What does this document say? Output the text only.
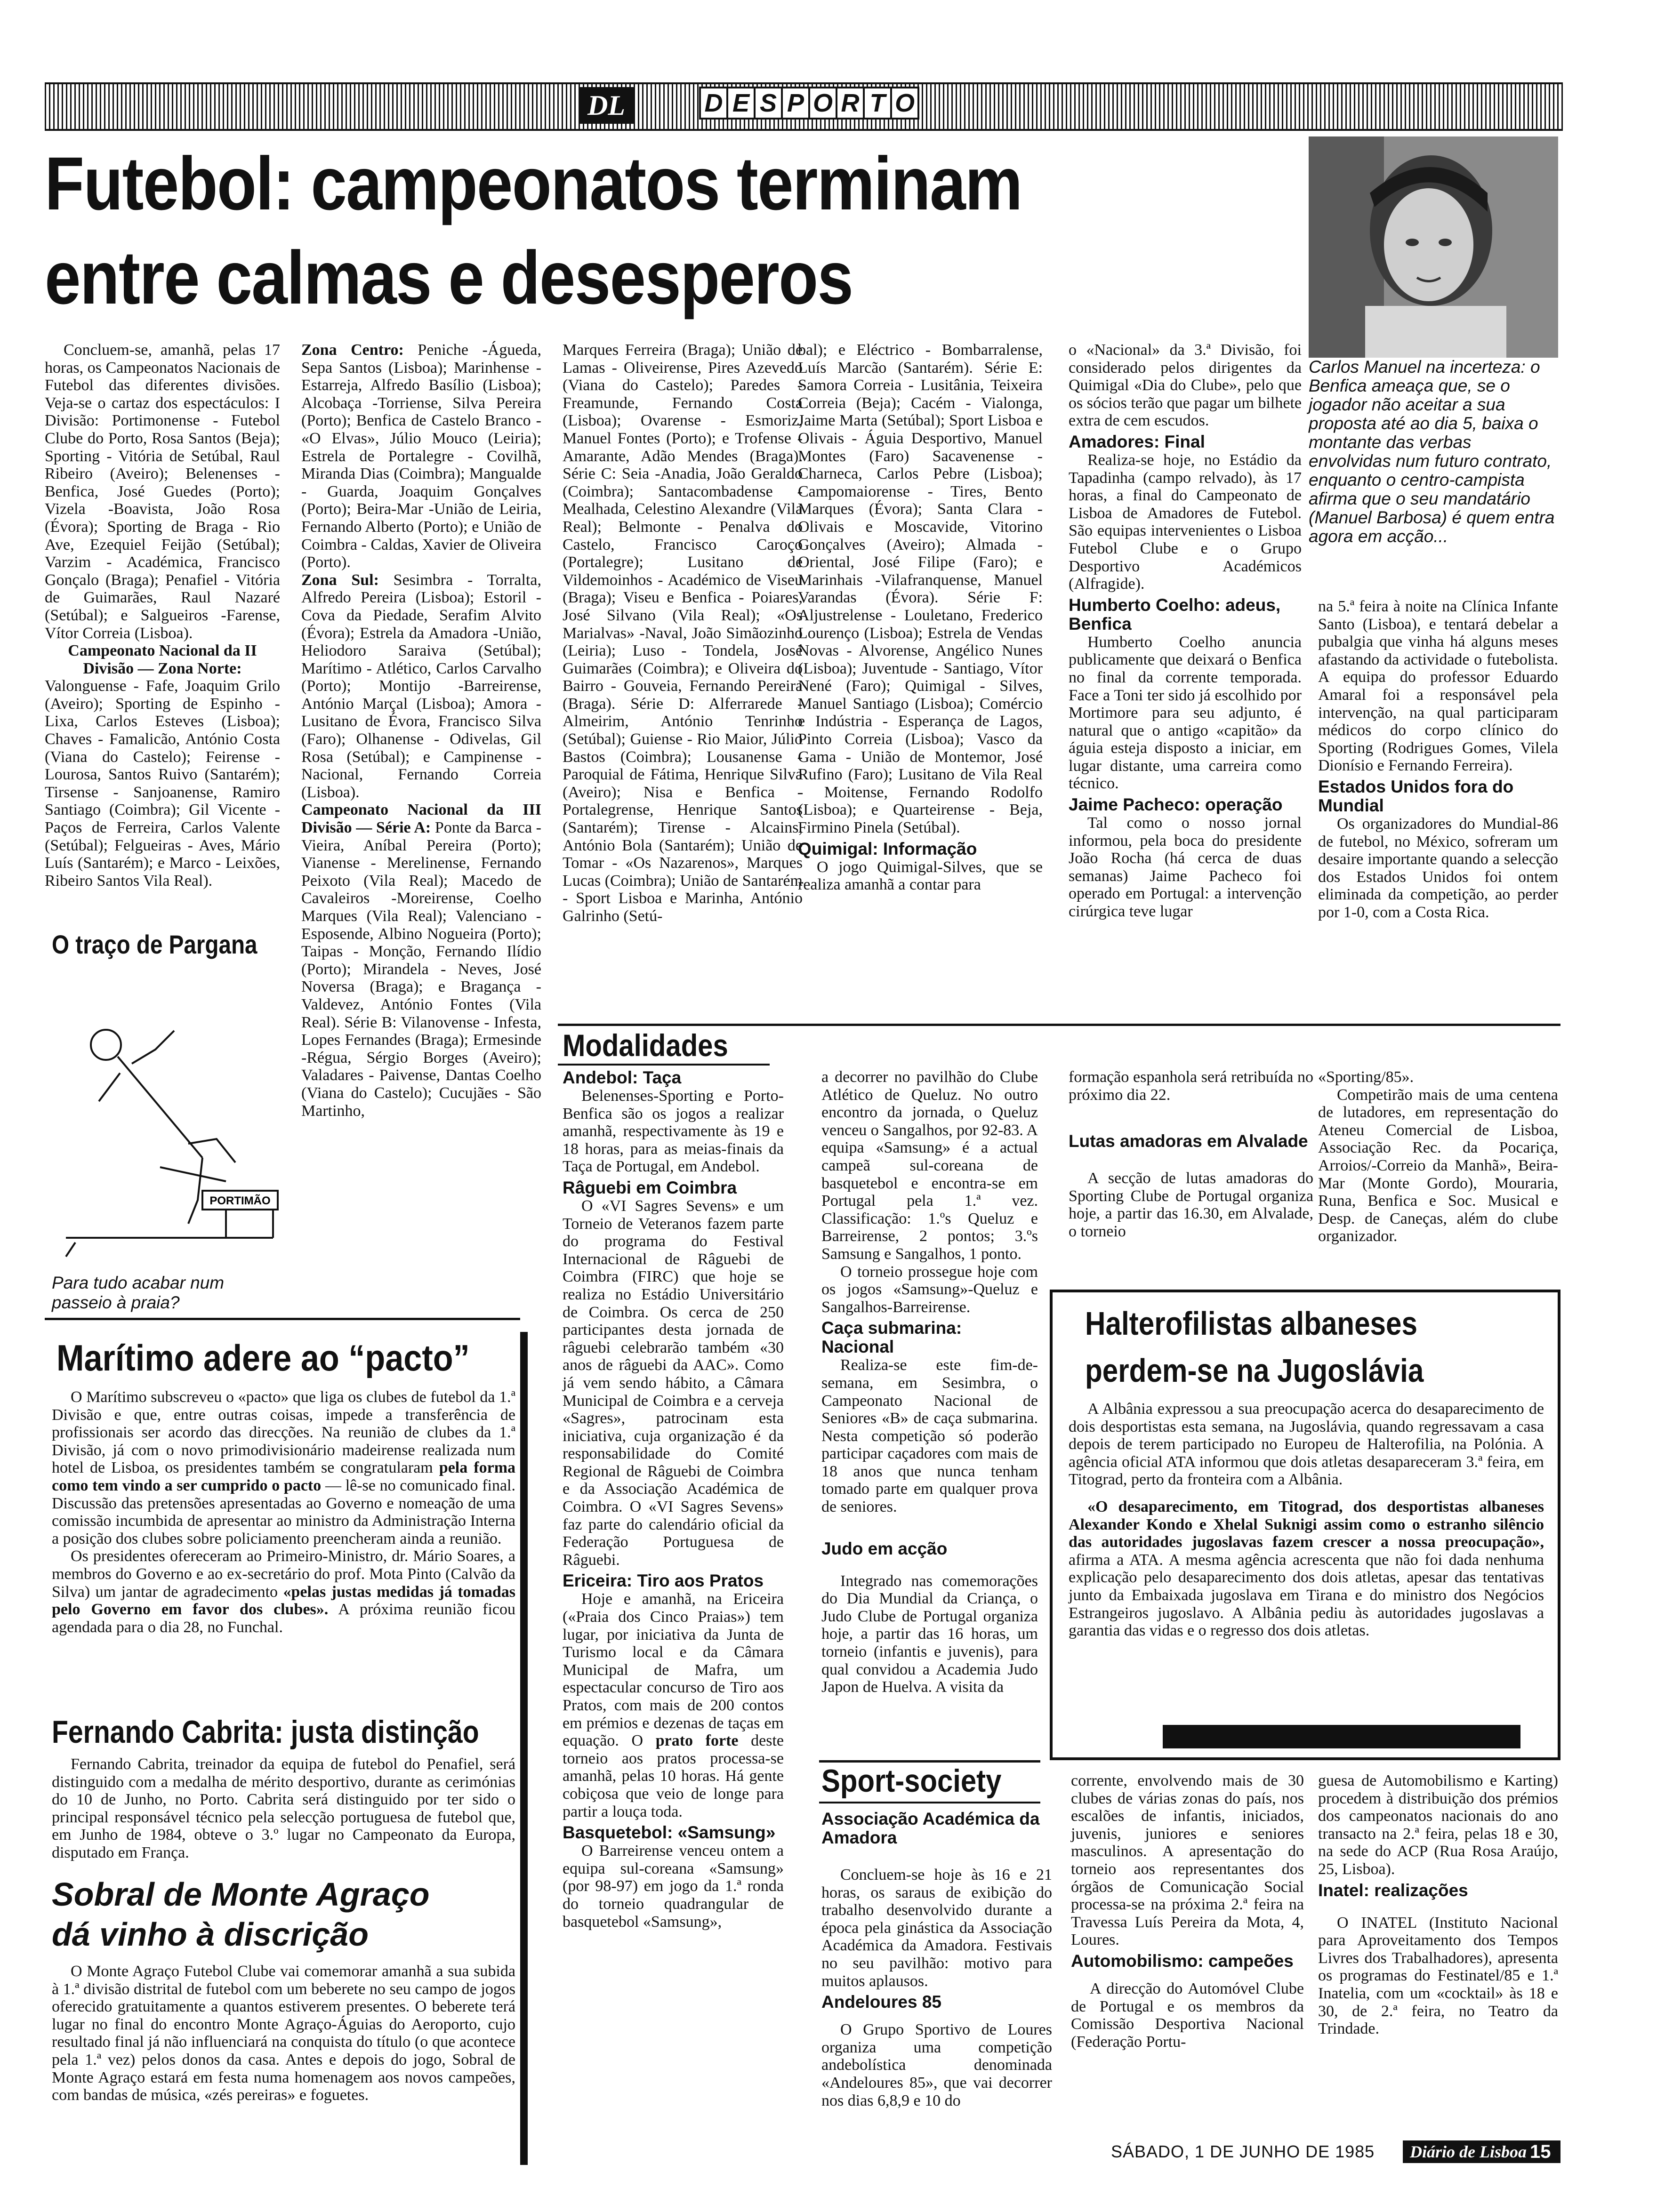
DL	D E S P O R T O
Futebol: campeonatos terminam
entre calmas e desesperos
Carlos Manuel na incerteza: o Benfica ameaça que, se o jogador não aceitar a sua proposta até ao dia 5, baixa o montante das verbas envolvidas num futuro contrato, enquanto o centro-campista afirma que o seu mandatário (Manuel Barbosa) é quem entra agora em acção...

Concluem-se, amanhã, pelas 17 horas, os Campeonatos Nacionais de Futebol das diferentes divisões. Veja-se o cartaz dos espectáculos: I Divisão: Portimonense - Futebol Clube do Porto, Rosa Santos (Beja); Sporting - Vitória de Setúbal, Raul Ribeiro (Aveiro); Belenenses - Benfica, José Guedes (Porto); Vizela -Boavista, João Rosa (Évora); Sporting de Braga - Rio Ave, Ezequiel Feijão (Setúbal); Varzim - Académica, Francisco Gonçalo (Braga); Penafiel - Vitória de Guimarães, Raul Nazaré (Setúbal); e Salgueiros -Farense, Vítor Correia (Lisboa).

Campeonato Nacional da II Divisão — Zona Norte:

Valonguense - Fafe, Joaquim Grilo (Aveiro); Sporting de Espinho -Lixa, Carlos Esteves (Lisboa); Chaves - Famalicão, António Costa (Viana do Castelo); Feirense - Lourosa, Santos Ruivo (Santarém); Tirsense - Sanjoanense, Ramiro Santiago (Coimbra); Gil Vicente - Paços de Ferreira, Carlos Valente (Setúbal); Felgueiras - Aves, Mário Luís (Santarém); e Marco - Leixões, Ribeiro Santos Vila Real).

Zona Centro: Peniche -Águeda, Sepa Santos (Lisboa); Marinhense - Estarreja, Alfredo Basílio (Lisboa); Alcobaça -Torriense, Silva Pereira (Porto); Benfica de Castelo Branco - «O Elvas», Júlio Mouco (Leiria); Estrela de Portalegre - Covilhã, Miranda Dias (Coimbra); Mangualde - Guarda, Joaquim Gonçalves (Porto); Beira-Mar -União de Leiria, Fernando Alberto (Porto); e União de Coimbra - Caldas, Xavier de Oliveira (Porto).

Zona Sul: Sesimbra - Torralta, Alfredo Pereira (Lisboa); Estoril - Cova da Piedade, Serafim Alvito (Évora); Estrela da Amadora -União, Heliodoro Saraiva (Setúbal); Marítimo - Atlético, Carlos Carvalho (Porto); Montijo -Barreirense, António Marçal (Lisboa); Amora - Lusitano de Évora, Francisco Silva (Faro); Olhanense - Odivelas, Gil Rosa (Setúbal); e Campinense - Nacional, Fernando Correia (Lisboa).

Campeonato Nacional da III Divisão — Série A: Ponte da Barca - Vieira, Aníbal Pereira (Porto); Vianense - Merelinense, Fernando Peixoto (Vila Real); Macedo de Cavaleiros -Moreirense, Coelho Marques (Vila Real); Valenciano - Esposende, Albino Nogueira (Porto); Taipas - Monção, Fernando Ilídio (Porto); Mirandela - Neves, José Noversa (Braga); e Bragança - Valdevez, António Fontes (Vila Real). Série B: Vilanovense - Infesta, Lopes Fernandes (Braga); Ermesinde -Régua, Sérgio Borges (Aveiro); Valadares - Paivense, Dantas Coelho (Viana do Castelo); Cucujães - São Martinho,

Marques Ferreira (Braga); União de Lamas - Oliveirense, Pires Azevedo (Viana do Castelo); Paredes - Freamunde, Fernando Costa (Lisboa); Ovarense - Esmoriz, Manuel Fontes (Porto); e Trofense - Amarante, Adão Mendes (Braga). Série C: Seia -Anadia, João Geraldo (Coimbra); Santacombadense - Mealhada, Celestino Alexandre (Vila Real); Belmonte - Penalva do Castelo, Francisco Caroço (Portalegre); Lusitano de Vildemoinhos - Académico de Viseu (Braga); Viseu e Benfica - Poiares, José Silvano (Vila Real); «Os Marialvas» -Naval, João Simãozinho (Leiria); Luso - Tondela, José Guimarães (Coimbra); e Oliveira do Bairro - Gouveia, Fernando Pereira (Braga). Série D: Alferrarede - Almeirim, António Tenrinho (Setúbal); Guiense - Rio Maior, Júlio Bastos (Coimbra); Lousanense - Paroquial de Fátima, Henrique Silva (Aveiro); Nisa e Benfica - Portalegrense, Henrique Santos (Santarém); Tirense - Alcains, António Bola (Santarém); União de Tomar - «Os Nazarenos», Marques Lucas (Coimbra); União de Santarém - Sport Lisboa e Marinha, António Galrinho (Setú-

bal); e Eléctrico - Bombarralense, Luís Marcão (Santarém). Série E: Samora Correia - Lusitânia, Teixeira Correia (Beja); Cacém - Vialonga, Jaime Marta (Setúbal); Sport Lisboa e Olivais - Águia Desportivo, Manuel Montes (Faro) Sacavenense - Charneca, Carlos Pebre (Lisboa); Campomaiorense - Tires, Bento Marques (Évora); Santa Clara - Olivais e Moscavide, Vitorino Gonçalves (Aveiro); Almada - Oriental, José Filipe (Faro); e Marinhais -Vilafranquense, Manuel Varandas (Évora). Série F: Aljustrelense - Louletano, Frederico Lourenço (Lisboa); Estrela de Vendas Novas - Alvorense, Angélico Nunes (Lisboa); Juventude - Santiago, Vítor Nené (Faro); Quimigal - Silves, Manuel Santiago (Lisboa); Comércio e Indústria - Esperança de Lagos, Pinto Correia (Lisboa); Vasco da Gama - União de Montemor, José Rufino (Faro); Lusitano de Vila Real - Moitense, Fernando Rodolfo (Lisboa); e Quarteirense - Beja, Firmino Pinela (Setúbal).

Quimigal: Informação

O jogo Quimigal-Silves, que se realiza amanhã a contar para

o «Nacional» da 3.ª Divisão, foi considerado pelos dirigentes da Quimigal «Dia do Clube», pelo que os sócios terão que pagar um bilhete extra de cem escudos.

Amadores: Final

Realiza-se hoje, no Estádio da Tapadinha (campo relvado), às 17 horas, a final do Campeonato de Lisboa de Amadores de Futebol. São equipas intervenientes o Lisboa Futebol Clube e o Grupo Desportivo Académicos (Alfragide).

Humberto Coelho: adeus, Benfica

Humberto Coelho anuncia publicamente que deixará o Benfica no final da corrente temporada. Face a Toni ter sido já escolhido por Mortimore para seu adjunto, é natural que o antigo «capitão» da águia esteja disposto a iniciar, em lugar distante, uma carreira como técnico.

Jaime Pacheco: operação

Tal como o nosso jornal informou, pela boca do presidente João Rocha (há cerca de duas semanas) Jaime Pacheco foi operado em Portugal: a intervenção cirúrgica teve lugar

na 5.ª feira à noite na Clínica Infante Santo (Lisboa), e tentará debelar a pubalgia que vinha há alguns meses afastando da actividade o futebolista. A equipa do professor Eduardo Amaral foi a responsável pela intervenção, na qual participaram médicos do corpo clínico do Sporting (Rodrigues Gomes, Vilela Dionísio e Fernando Ferreira).

Estados Unidos fora do Mundial

Os organizadores do Mundial-86 de futebol, no México, sofreram um desaire importante quando a selecção dos Estados Unidos foi ontem eliminada da competição, ao perder por 1-0, com a Costa Rica.

O traço de Pargana
PORTIMÃO
Para tudo acabar num passeio à praia?
Marítimo adere ao “pacto”

O Marítimo subscreveu o «pacto» que liga os clubes de futebol da 1.ª Divisão e que, entre outras coisas, impede a transferência de profissionais ser acordo das direcções. Na reunião de clubes da 1.ª Divisão, já com o novo primodivisionário madeirense realizada num hotel de Lisboa, os presidentes também se congratularam pela forma como tem vindo a ser cumprido o pacto — lê-se no comunicado final. Discussão das pretensões apresentadas ao Governo e nomeação de uma comissão incumbida de apresentar ao ministro da Administração Interna a posição dos clubes sobre policiamento preencheram ainda a reunião.

Os presidentes ofereceram ao Primeiro-Ministro, dr. Mário Soares, a membros do Governo e ao ex-secretário do prof. Mota Pinto (Calvão da Silva) um jantar de agradecimento «pelas justas medidas já tomadas pelo Governo em favor dos clubes». A próxima reunião ficou agendada para o dia 28, no Funchal.

Fernando Cabrita: justa distinção

Fernando Cabrita, treinador da equipa de futebol do Penafiel, será distinguido com a medalha de mérito desportivo, durante as cerimónias do 10 de Junho, no Porto. Cabrita será distinguido por ter sido o principal responsável técnico pela selecção portuguesa de futebol que, em Junho de 1984, obteve o 3.º lugar no Campeonato da Europa, disputado em França.

Sobral de Monte Agraço
dá vinho à discrição

O Monte Agraço Futebol Clube vai comemorar amanhã a sua subida à 1.ª divisão distrital de futebol com um beberete no seu campo de jogos oferecido gratuitamente a quantos estiverem presentes. O beberete terá lugar no final do encontro Monte Agraço-Águias do Aeroporto, cujo resultado final já não influenciará na conquista do título (o que acontece pela 1.ª vez) pelos donos da casa. Antes e depois do jogo, Sobral de Monte Agraço estará em festa numa homenagem aos novos campeões, com bandas de música, «zés pereiras» e foguetes.

Modalidades
Andebol: Taça

Belenenses-Sporting e Porto-Benfica são os jogos a realizar amanhã, respectivamente às 19 e 18 horas, para as meias-finais da Taça de Portugal, em Andebol.

Râguebi em Coimbra

O «VI Sagres Sevens» e um Torneio de Veteranos fazem parte do programa do Festival Internacional de Râguebi de Coimbra (FIRC) que hoje se realiza no Estádio Universitário de Coimbra. Os cerca de 250 participantes desta jornada de râguebi celebrarão também «30 anos de râguebi da AAC». Como já vem sendo hábito, a Câmara Municipal de Coimbra e a cerveja «Sagres», patrocinam esta iniciativa, cuja organização é da responsabilidade do Comité Regional de Râguebi de Coimbra e da Associação Académica de Coimbra. O «VI Sagres Sevens» faz parte do calendário oficial da Federação Portuguesa de Râguebi.

Ericeira: Tiro aos Pratos

Hoje e amanhã, na Ericeira («Praia dos Cinco Praias») tem lugar, por iniciativa da Junta de Turismo local e da Câmara Municipal de Mafra, um espectacular concurso de Tiro aos Pratos, com mais de 200 contos em prémios e dezenas de taças em equação. O prato forte deste torneio aos pratos processa-se amanhã, pelas 10 horas. Há gente cobiçosa que veio de longe para partir a louça toda.

Basquetebol: «Samsung»

O Barreirense venceu ontem a equipa sul-coreana «Samsung» (por 98-97) em jogo da 1.ª ronda do torneio quadrangular de basquetebol «Samsung»,

a decorrer no pavilhão do Clube Atlético de Queluz. No outro encontro da jornada, o Queluz venceu o Sangalhos, por 92-83. A equipa «Samsung» é a actual campeã sul-coreana de basquetebol e encontra-se em Portugal pela 1.ª vez. Classificação: 1.ºs Queluz e Barreirense, 2 pontos; 3.ºs Samsung e Sangalhos, 1 ponto.

O torneio prossegue hoje com os jogos «Samsung»-Queluz e Sangalhos-Barreirense.

Caça submarina: Nacional

Realiza-se este fim-de-semana, em Sesimbra, o Campeonato Nacional de Seniores «B» de caça submarina. Nesta competição só poderão participar caçadores com mais de 18 anos que nunca tenham tomado parte em qualquer prova de seniores.

Judo em acção

Integrado nas comemorações do Dia Mundial da Criança, o Judo Clube de Portugal organiza hoje, a partir das 16 horas, um torneio (infantis e juvenis), para qual convidou a Academia Judo Japon de Huelva. A visita da

formação espanhola será retribuída no próximo dia 22.

Lutas amadoras em Alvalade

A secção de lutas amadoras do Sporting Clube de Portugal organiza hoje, a partir das 16.30, em Alvalade, o torneio

«Sporting/85».

Competirão mais de uma centena de lutadores, em representação do Ateneu Comercial de Lisboa, Associação Rec. da Pocariça, Arroios/-Correio da Manhã», Beira-Mar (Monte Gordo), Mouraria, Runa, Benfica e Soc. Musical e Desp. de Caneças, além do clube organizador.

Halterofilistas albaneses
perdem-se na Jugoslávia

A Albânia expressou a sua preocupação acerca do desaparecimento de dois desportistas esta semana, na Jugoslávia, quando regressavam a casa depois de terem participado no Europeu de Halterofilia, na Polónia. A agência oficial ATA informou que dois atletas desapareceram 3.ª feira, em Titograd, perto da fronteira com a Albânia.

«O desaparecimento, em Titograd, dos desportistas albaneses Alexander Kondo e Xhelal Suknigi assim como o estranho silêncio das autoridades jugoslavas fazem crescer a nossa preocupação», afirma a ATA. A mesma agência acrescenta que não foi dada nenhuma explicação pelo desaparecimento dos dois atletas, apesar das tentativas junto da Embaixada jugoslava em Tirana e do ministro dos Negócios Estrangeiros jugoslavo. A Albânia pediu às autoridades jugoslavas a garantia das vidas e o regresso dos dois atletas.

Sport-society
Associação Académica da Amadora

Concluem-se hoje às 16 e 21 horas, os saraus de exibição do trabalho desenvolvido durante a época pela ginástica da Associação Académica da Amadora. Festivais no seu pavilhão: motivo para muitos aplausos.

Andeloures 85

O Grupo Sportivo de Loures organiza uma competição andebolística denominada «Andeloures 85», que vai decorrer nos dias 6,8,9 e 10 do

corrente, envolvendo mais de 30 clubes de várias zonas do país, nos escalões de infantis, iniciados, juvenis, juniores e seniores masculinos. A apresentação do torneio aos representantes dos órgãos de Comunicação Social processa-se na próxima 2.ª feira na Travessa Luís Pereira da Mota, 4, Loures.

Automobilismo: campeões

A direcção do Automóvel Clube de Portugal e os membros da Comissão Desportiva Nacional (Federação Portu-

guesa de Automobilismo e Karting) procedem à distribuição dos prémios dos campeonatos nacionais do ano transacto na 2.ª feira, pelas 18 e 30, na sede do ACP (Rua Rosa Araújo, 25, Lisboa).

Inatel: realizações

O INATEL (Instituto Nacional para Aproveitamento dos Tempos Livres dos Trabalhadores), apresenta os programas do Festinatel/85 e 1.ª Inatelia, com um «cocktail» às 18 e 30, de 2.ª feira, no Teatro da Trindade.

SÁBADO, 1 DE JUNHO DE 1985 Diário de Lisboa 15
